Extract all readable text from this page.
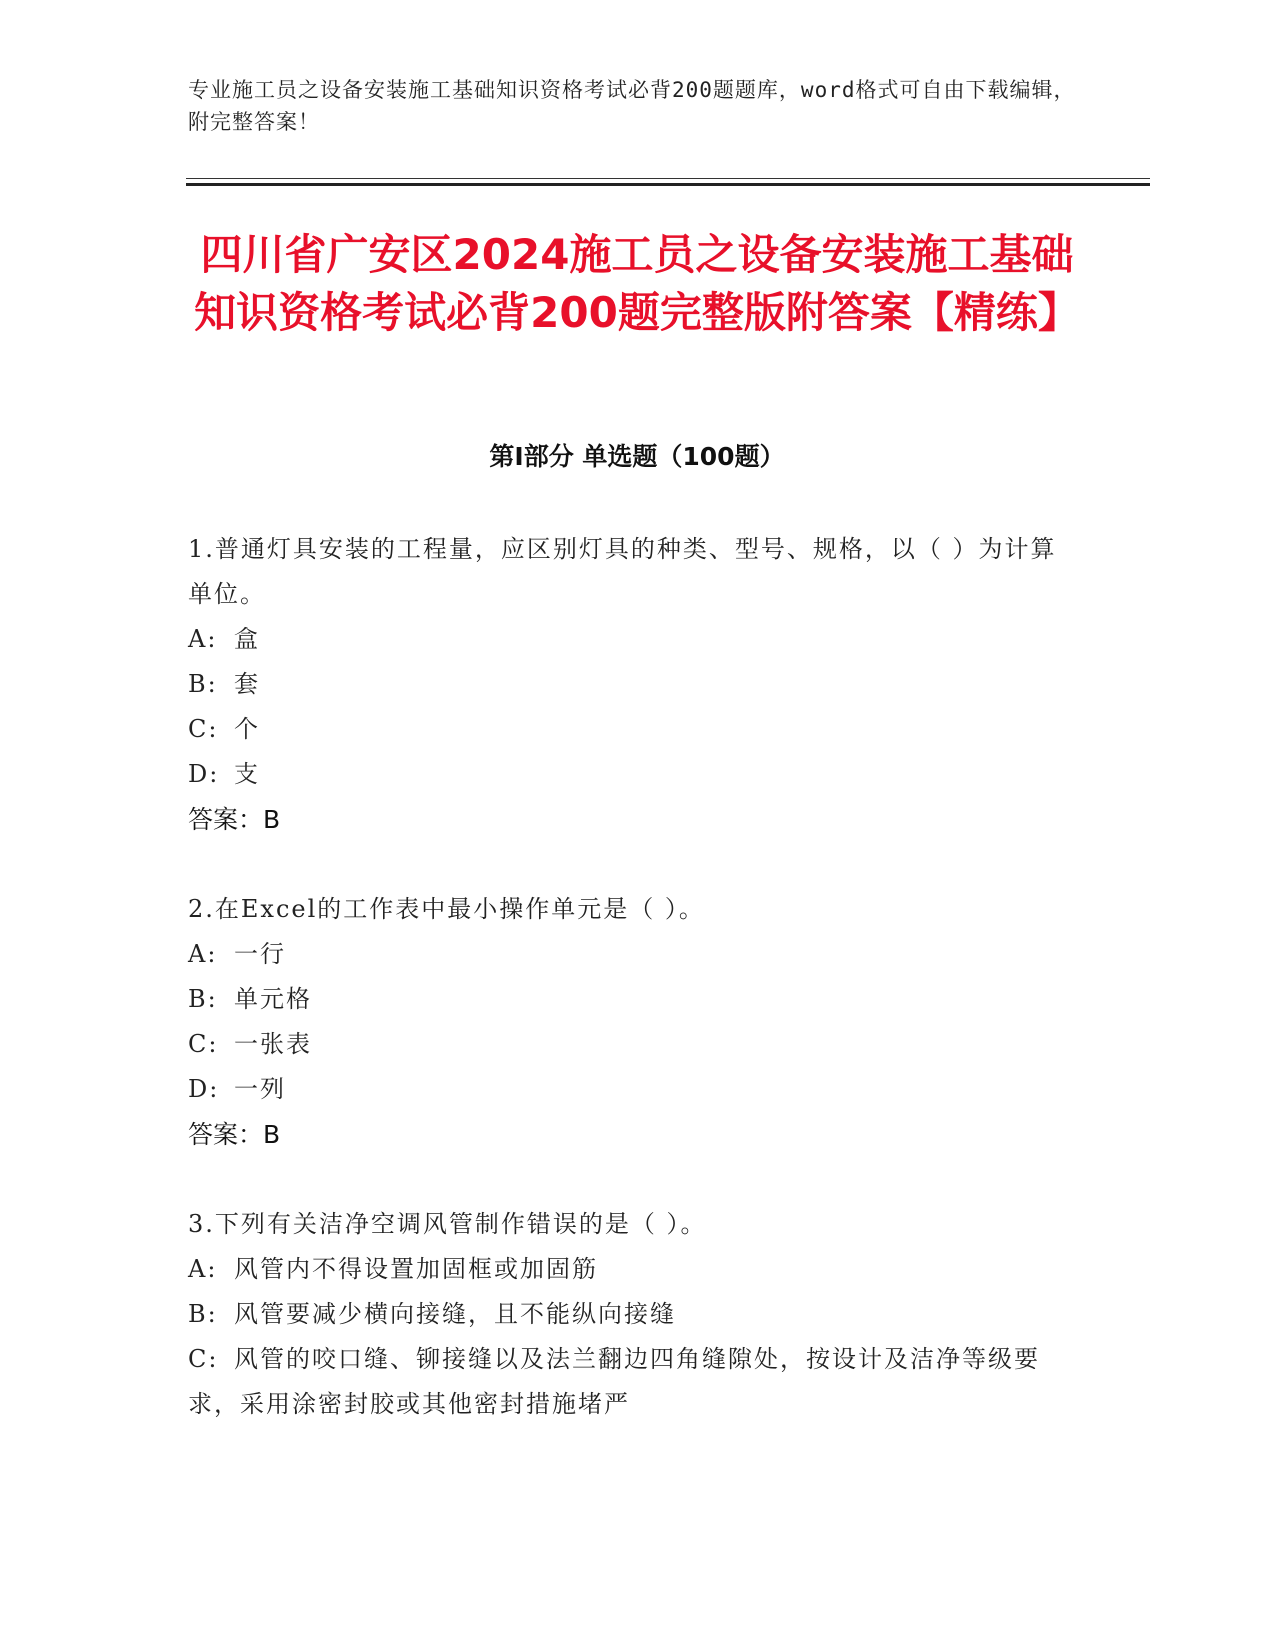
专业施工员之设备安装施工基础知识资格考试必背200题题库，word格式可自由下载编辑，附完整答案！
四川省广安区2024施工员之设备安装施工基础知识资格考试必背200题完整版附答案【精练】
第I部分 单选题（100题）
1.普通灯具安装的工程量，应区别灯具的种类、型号、规格，以（ ）为计算单位。
A: 盒
B: 套
C: 个
D: 支
答案：B
2.在Excel的工作表中最小操作单元是（ ）。
A: 一行
B: 单元格
C: 一张表
D: 一列
答案：B
3.下列有关洁净空调风管制作错误的是（ ）。
A: 风管内不得设置加固框或加固筋
B: 风管要减少横向接缝，且不能纵向接缝
C: 风管的咬口缝、铆接缝以及法兰翻边四角缝隙处，按设计及洁净等级要求，采用涂密封胶或其他密封措施堵严
